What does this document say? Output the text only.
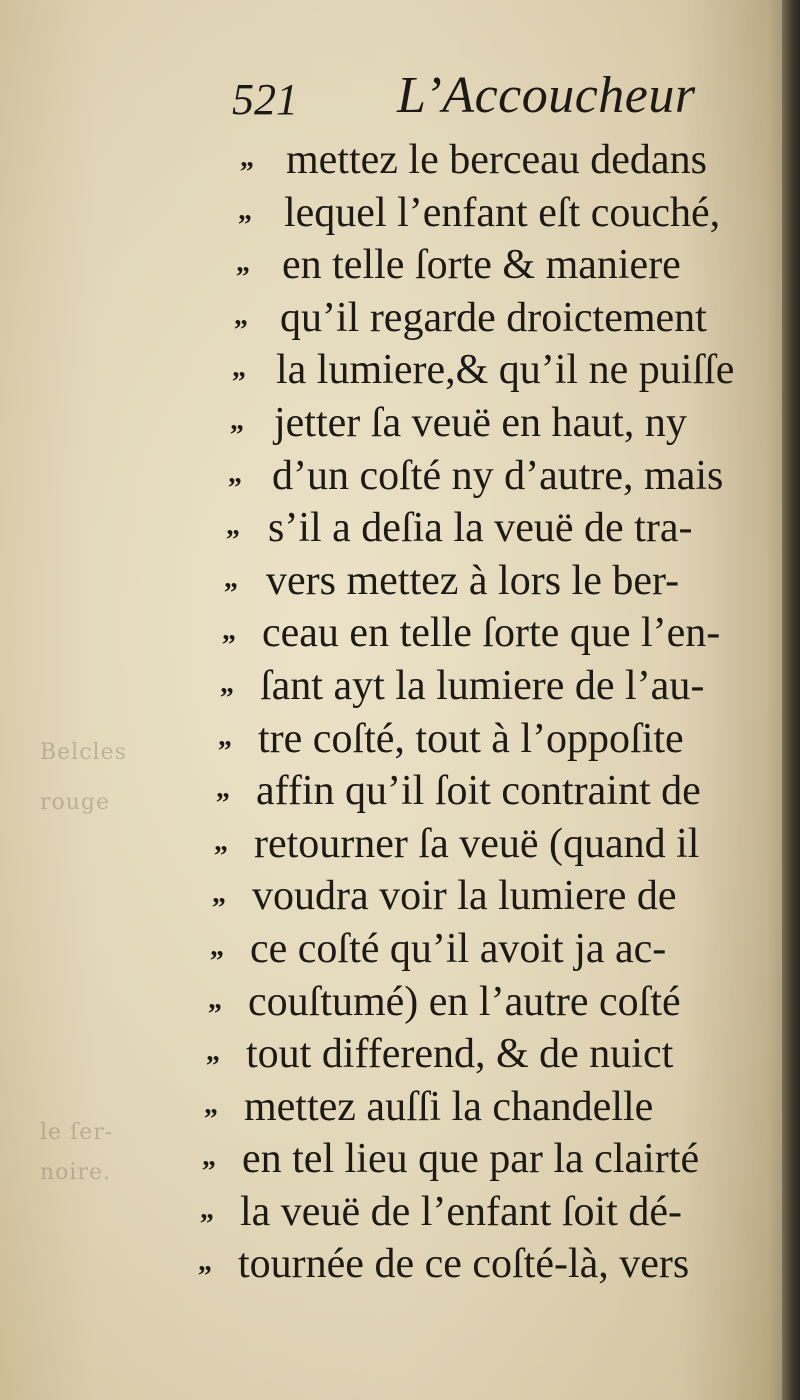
Belcles
rouge
le ſer-
noire.
521 L’Accoucheur
„ mettez le berceau dedans
„ lequel l’enfant eſt couché,
„ en telle ſorte & maniere
„ qu’il regarde droictement
„ la lumiere,& qu’il ne puiſſe
„ jetter ſa veuë en haut, ny
„ d’un coſté ny d’autre, mais
„ s’il a deſia la veuë de tra-
„ vers mettez à lors le ber-
„ ceau en telle ſorte que l’en-
„ ſant ayt la lumiere de l’au-
„ tre coſté, tout à l’oppoſite
„ affin qu’il ſoit contraint de
„ retourner ſa veuë (quand il
„ voudra voir la lumiere de
„ ce coſté qu’il avoit ja ac-
„ couſtumé) en l’autre coſté
„ tout differend, & de nuict
„ mettez auſſi la chandelle
„ en tel lieu que par la clairté
„ la veuë de l’enfant ſoit dé-
„ tournée de ce coſté-là, vers
